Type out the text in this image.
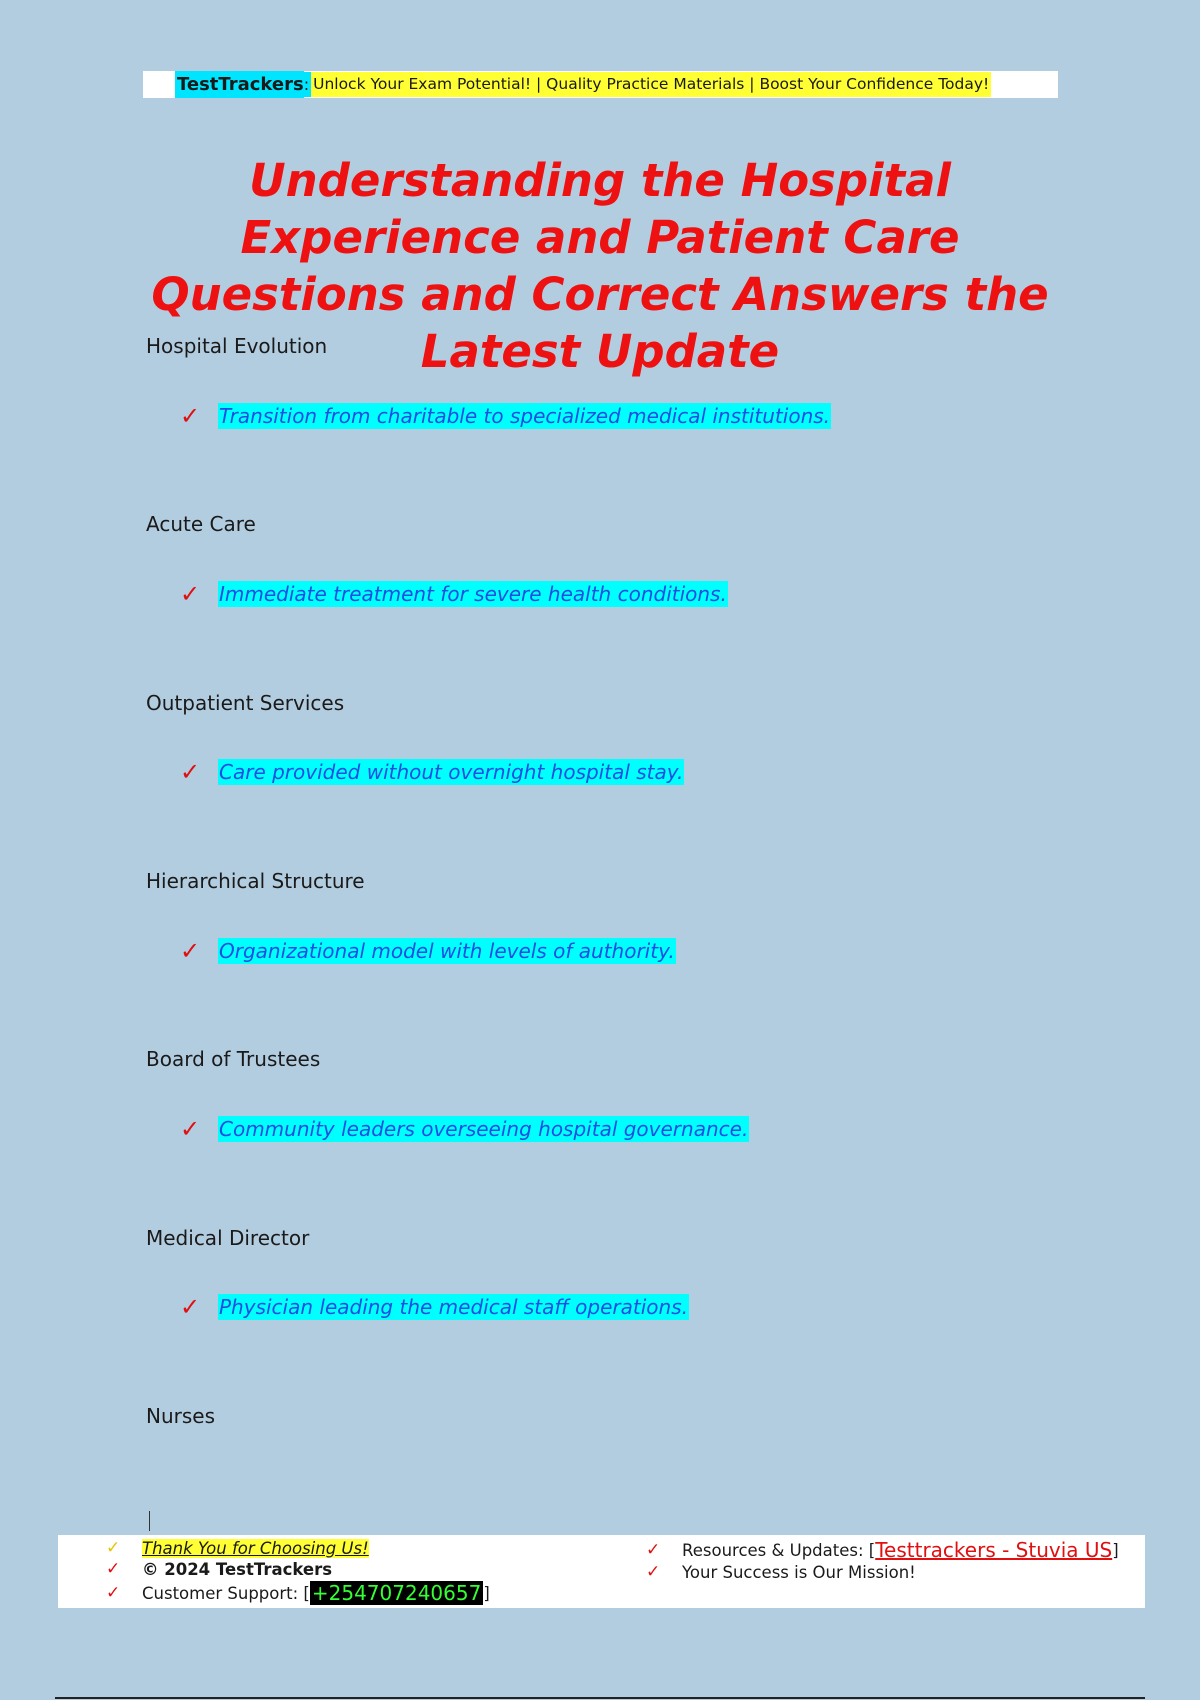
TestTrackers : Unlock Your Exam Potential! | Quality Practice Materials | Boost Your Confidence Today!
Understanding the Hospital Experience and Patient Care Questions and Correct Answers the Latest Update
Hospital Evolution
✓ Transition from charitable to specialized medical institutions.
Acute Care
✓ Immediate treatment for severe health conditions.
Outpatient Services
✓ Care provided without overnight hospital stay.
Hierarchical Structure
✓ Organizational model with levels of authority.
Board of Trustees
✓ Community leaders overseeing hospital governance.
Medical Director
✓ Physician leading the medical staff operations.
Nurses
✓	Thank You for Choosing Us!
✓	© 2024 TestTrackers
✓	Customer Support: [ +254707240657 ]
✓	Resources & Updates: [ Testtrackers - Stuvia US ]
✓	Your Success is Our Mission!
